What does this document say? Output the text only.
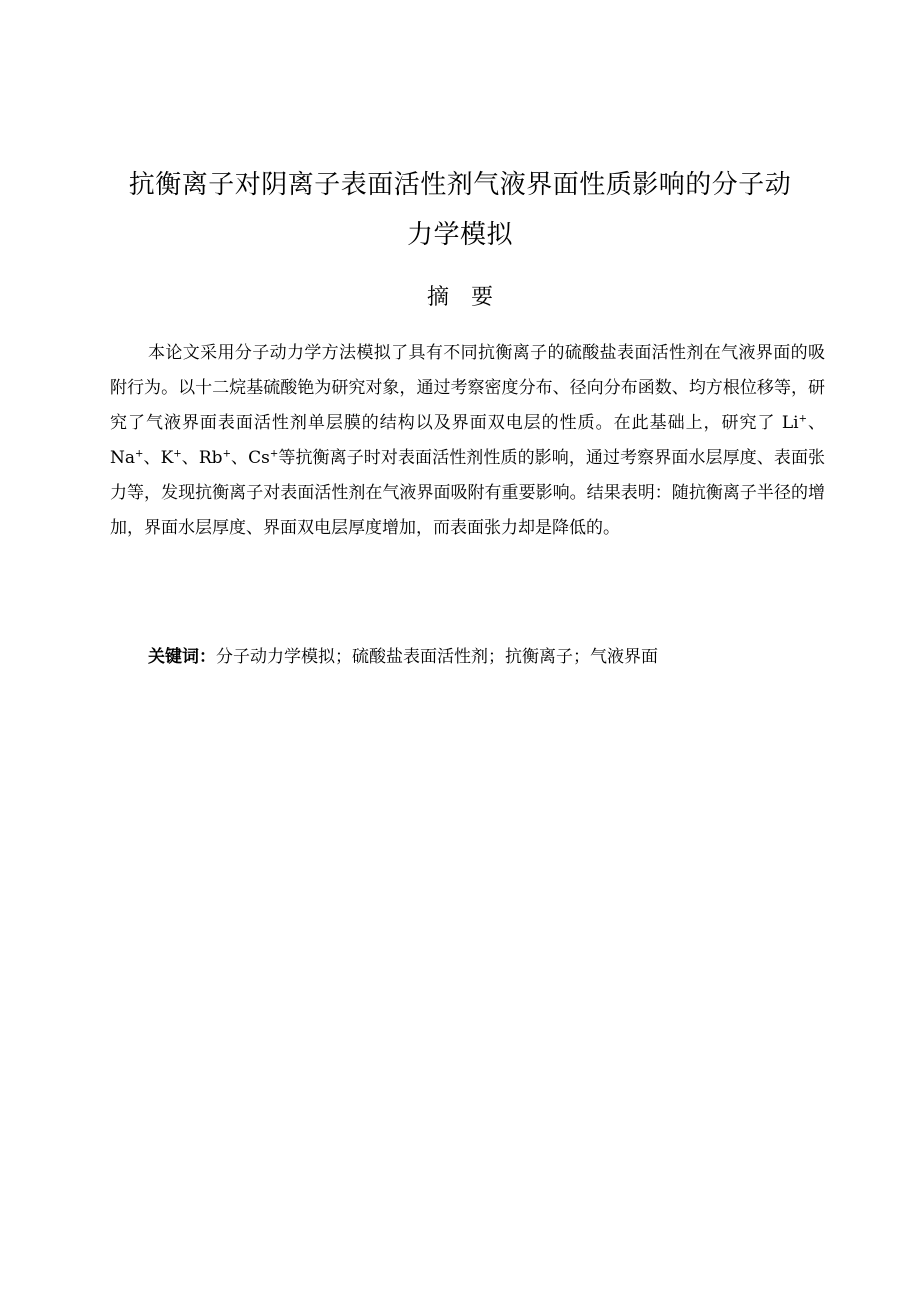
抗衡离子对阴离子表面活性剂气液界面性质影响的分子动
力学模拟
摘要

本论文采用分子动力学方法模拟了具有不同抗衡离子的硫酸盐表面活性剂在气液界面的吸附行为。以十二烷基硫酸铯为研究对象，通过考察密度分布、径向分布函数、均方根位移等，研究了气液界面表面活性剂单层膜的结构以及界面双电层的性质。在此基础上，研究了 Li+、Na+、K+、Rb+、Cs+等抗衡离子时对表面活性剂性质的影响，通过考察界面水层厚度、表面张力等，发现抗衡离子对表面活性剂在气液界面吸附有重要影响。结果表明：随抗衡离子半径的增加，界面水层厚度、界面双电层厚度增加，而表面张力却是降低的。

关键词：分子动力学模拟；硫酸盐表面活性剂；抗衡离子；气液界面
